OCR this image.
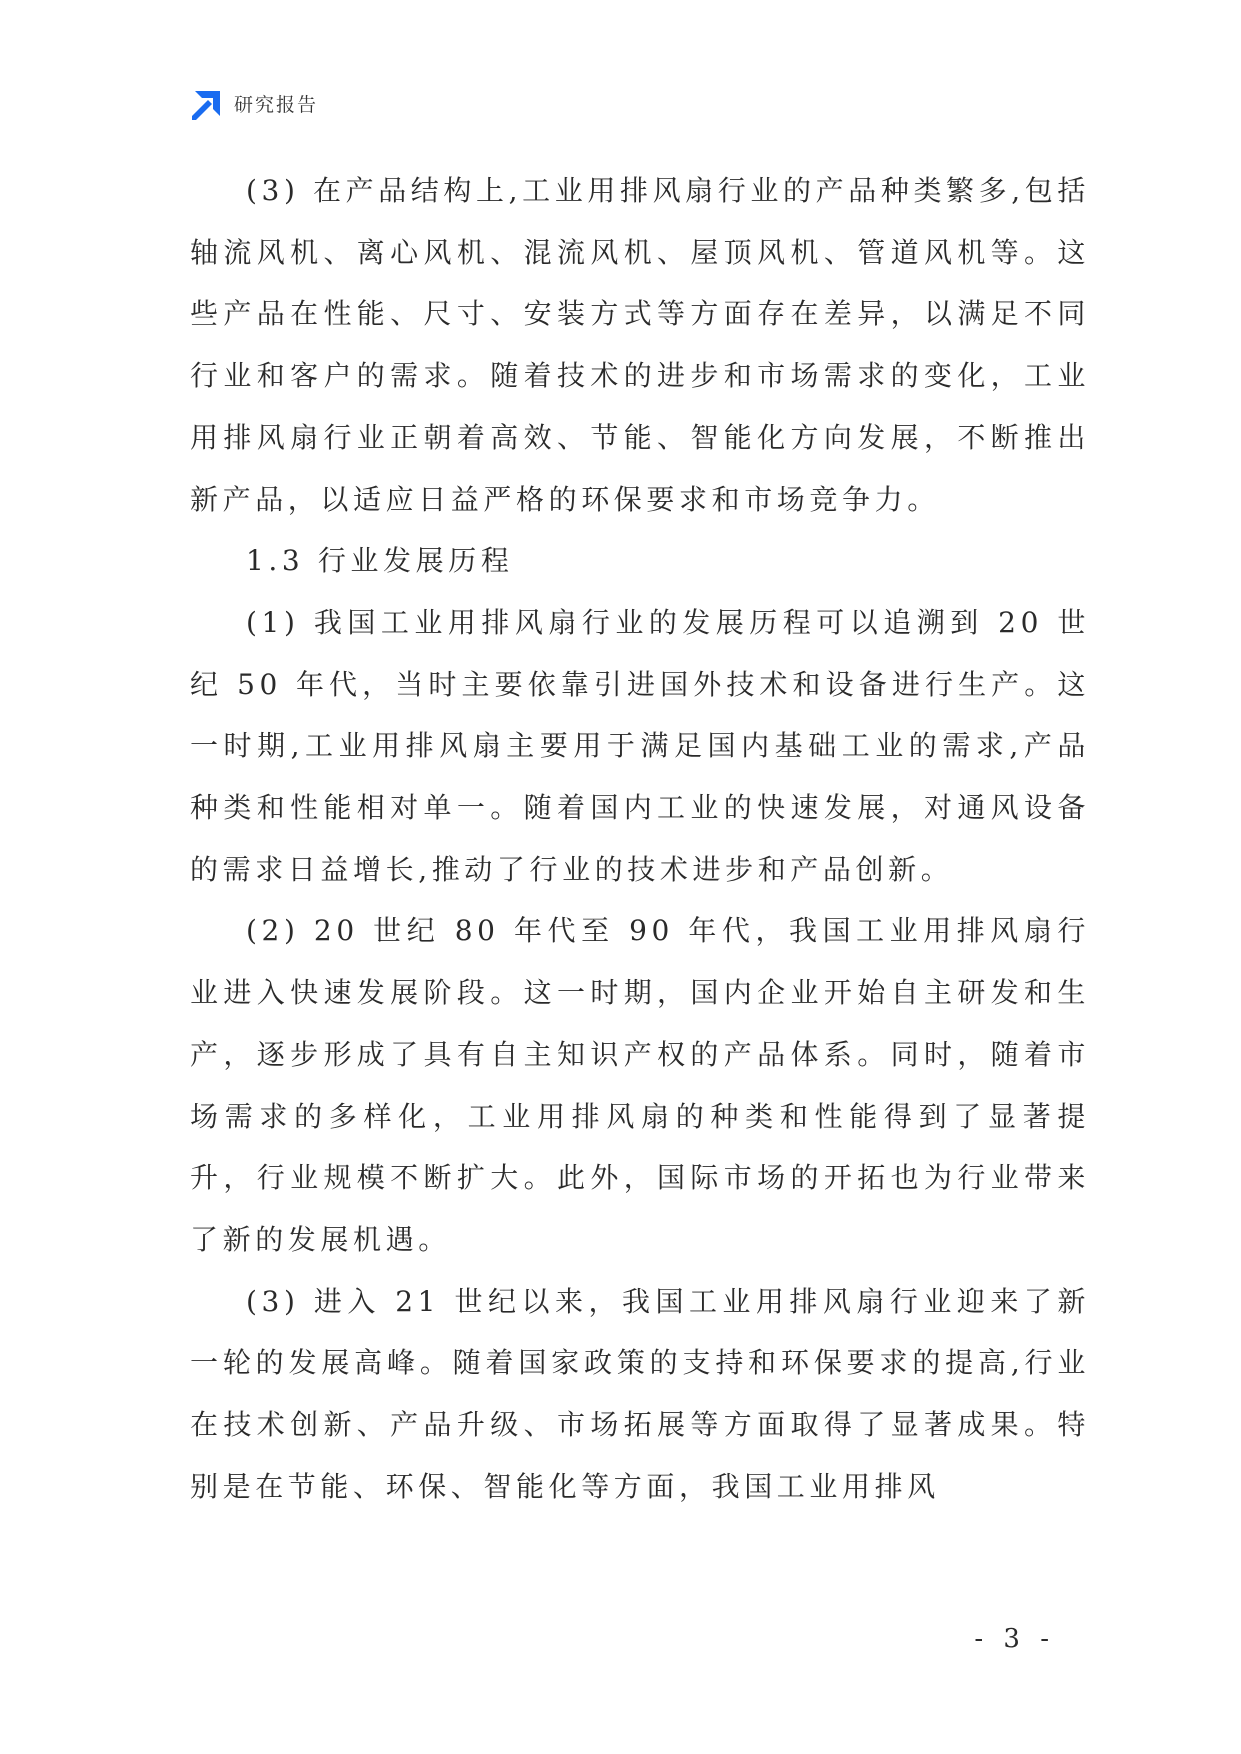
研究报告

(3) 在产品结构上,工业用排风扇行业的产品种类繁多,包括轴流风机、离心风机、混流风机、屋顶风机、管道风机等。这些产品在性能、尺寸、安装方式等方面存在差异，以满足不同行业和客户的需求。随着技术的进步和市场需求的变化，工业用排风扇行业正朝着高效、节能、智能化方向发展，不断推出新产品，以适应日益严格的环保要求和市场竞争力。

1.3 行业发展历程

(1) 我国工业用排风扇行业的发展历程可以追溯到 20 世纪 50 年代，当时主要依靠引进国外技术和设备进行生产。这一时期,工业用排风扇主要用于满足国内基础工业的需求,产品种类和性能相对单一。随着国内工业的快速发展，对通风设备的需求日益增长,推动了行业的技术进步和产品创新。

(2) 20 世纪 80 年代至 90 年代，我国工业用排风扇行业进入快速发展阶段。这一时期，国内企业开始自主研发和生产，逐步形成了具有自主知识产权的产品体系。同时，随着市场需求的多样化，工业用排风扇的种类和性能得到了显著提升，行业规模不断扩大。此外，国际市场的开拓也为行业带来了新的发展机遇。

(3) 进入 21 世纪以来，我国工业用排风扇行业迎来了新一轮的发展高峰。随着国家政策的支持和环保要求的提高,行业在技术创新、产品升级、市场拓展等方面取得了显著成果。特别是在节能、环保、智能化等方面，我国工业用排风

- 3 -
